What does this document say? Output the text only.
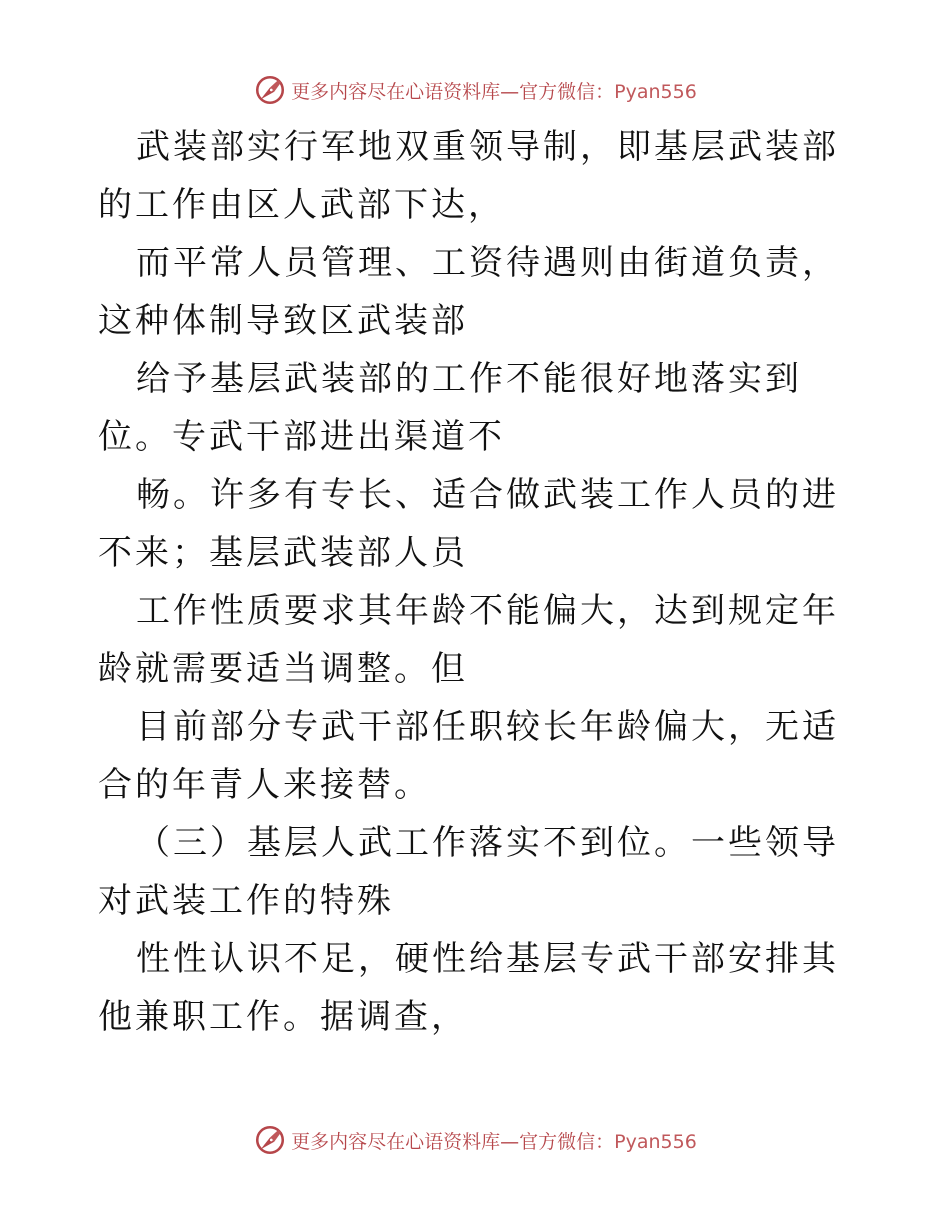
更多内容尽在心语资料库—官方微信：Pyan556

武装部实行军地双重领导制，即基层武装部的工作由区人武部下达，

而平常人员管理、工资待遇则由街道负责，这种体制导致区武装部

给予基层武装部的工作不能很好地落实到位。专武干部进出渠道不

畅。许多有专长、适合做武装工作人员的进不来；基层武装部人员

工作性质要求其年龄不能偏大，达到规定年龄就需要适当调整。但

目前部分专武干部任职较长年龄偏大，无适合的年青人来接替。

（三）基层人武工作落实不到位。一些领导对武装工作的特殊

性性认识不足，硬性给基层专武干部安排其他兼职工作。据调查，

更多内容尽在心语资料库—官方微信：Pyan556
